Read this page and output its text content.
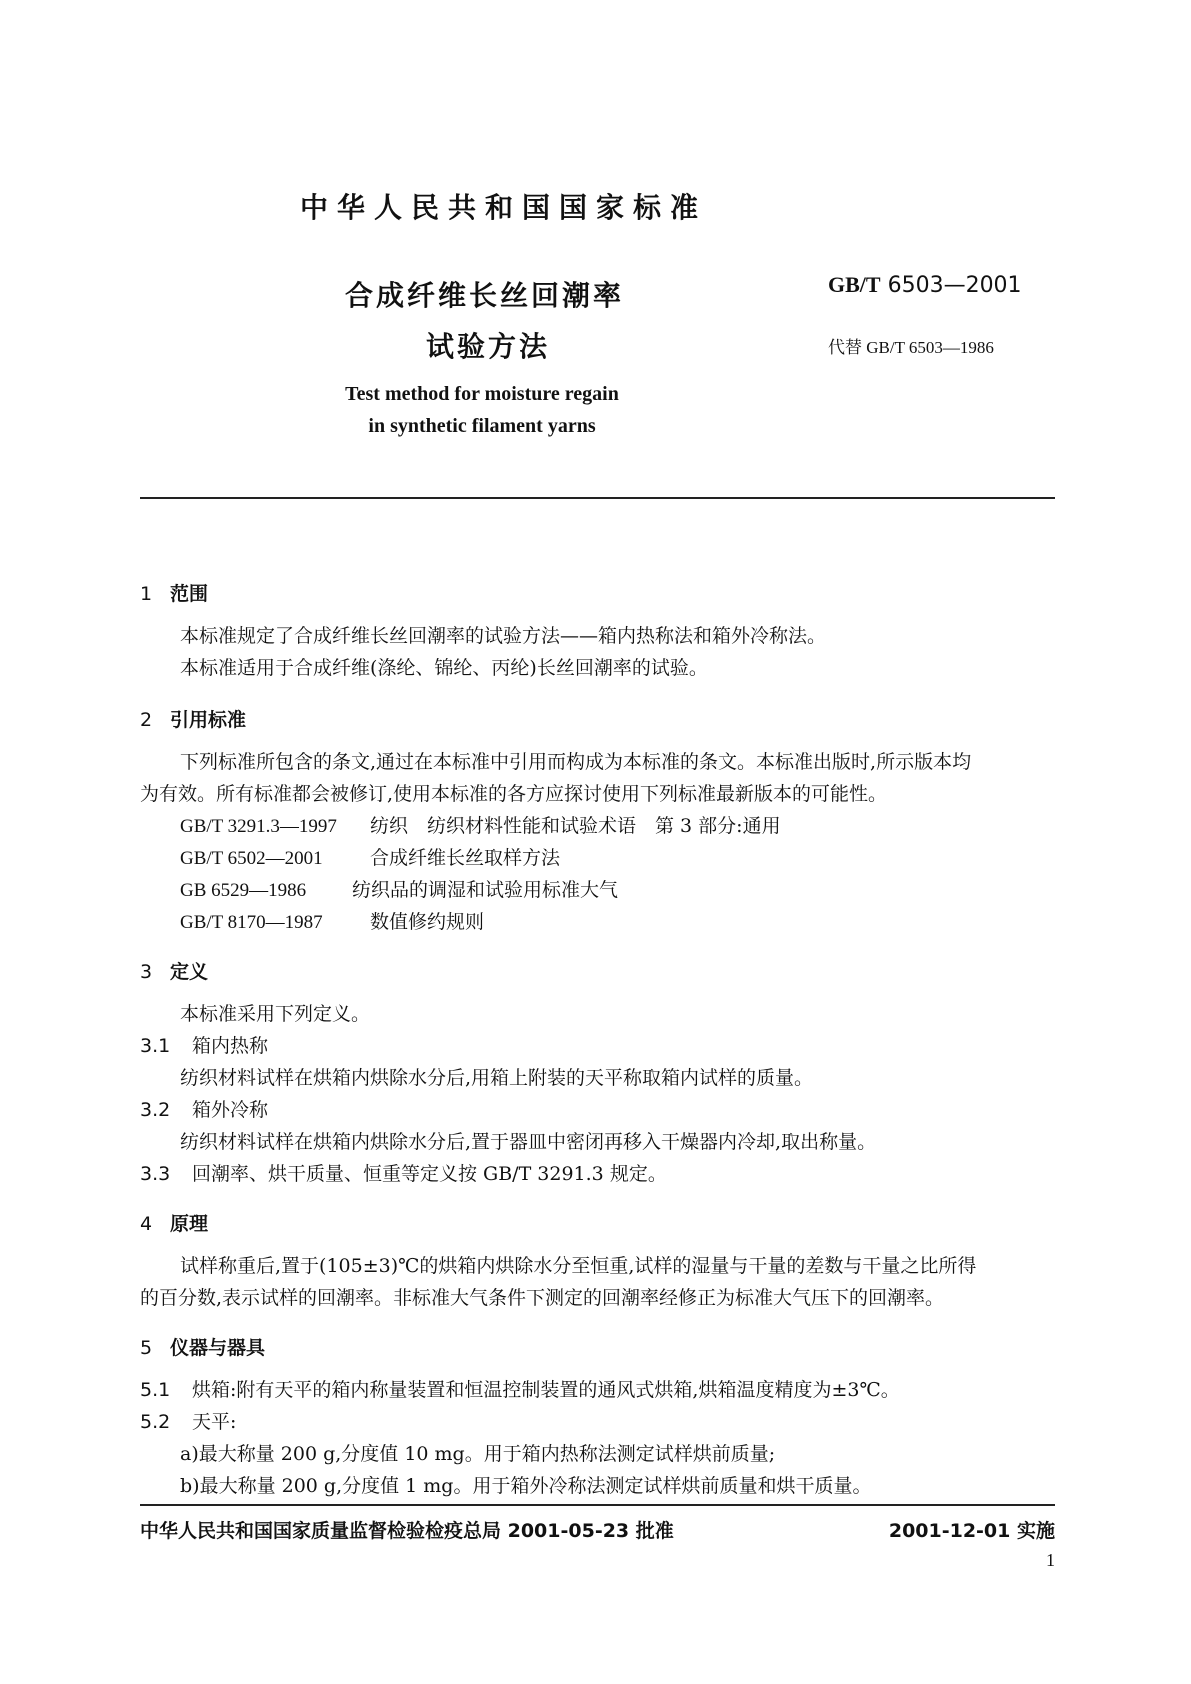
中华人民共和国国家标准
合成纤维长丝回潮率
试验方法
GB/T 6503—2001
代替 GB/T 6503—1986
Test method for moisture regain
in synthetic filament yarns
1 范围
本标准规定了合成纤维长丝回潮率的试验方法——箱内热称法和箱外冷称法。
本标准适用于合成纤维(涤纶、锦纶、丙纶)长丝回潮率的试验。
2 引用标准
下列标准所包含的条文,通过在本标准中引用而构成为本标准的条文。本标准出版时,所示版本均
为有效。所有标准都会被修订,使用本标准的各方应探讨使用下列标准最新版本的可能性。
GB/T 3291.3—1997 纺织　纺织材料性能和试验术语　第 3 部分:通用
GB/T 6502—2001 合成纤维长丝取样方法
GB 6529—1986 纺织品的调湿和试验用标准大气
GB/T 8170—1987 数值修约规则
3 定义
本标准采用下列定义。
3.1 箱内热称
纺织材料试样在烘箱内烘除水分后,用箱上附装的天平称取箱内试样的质量。
3.2 箱外冷称
纺织材料试样在烘箱内烘除水分后,置于器皿中密闭再移入干燥器内冷却,取出称量。
3.3 回潮率、烘干质量、恒重等定义按 GB/T 3291.3 规定。
4 原理
试样称重后,置于(105±3)℃的烘箱内烘除水分至恒重,试样的湿量与干量的差数与干量之比所得
的百分数,表示试样的回潮率。非标准大气条件下测定的回潮率经修正为标准大气压下的回潮率。
5 仪器与器具
5.1 烘箱:附有天平的箱内称量装置和恒温控制装置的通风式烘箱,烘箱温度精度为±3℃。
5.2 天平:
a)最大称量 200 g,分度值 10 mg。用于箱内热称法测定试样烘前质量;
b)最大称量 200 g,分度值 1 mg。用于箱外冷称法测定试样烘前质量和烘干质量。
中华人民共和国国家质量监督检验检疫总局 2001-05-23 批准	2001-12-01 实施
1
